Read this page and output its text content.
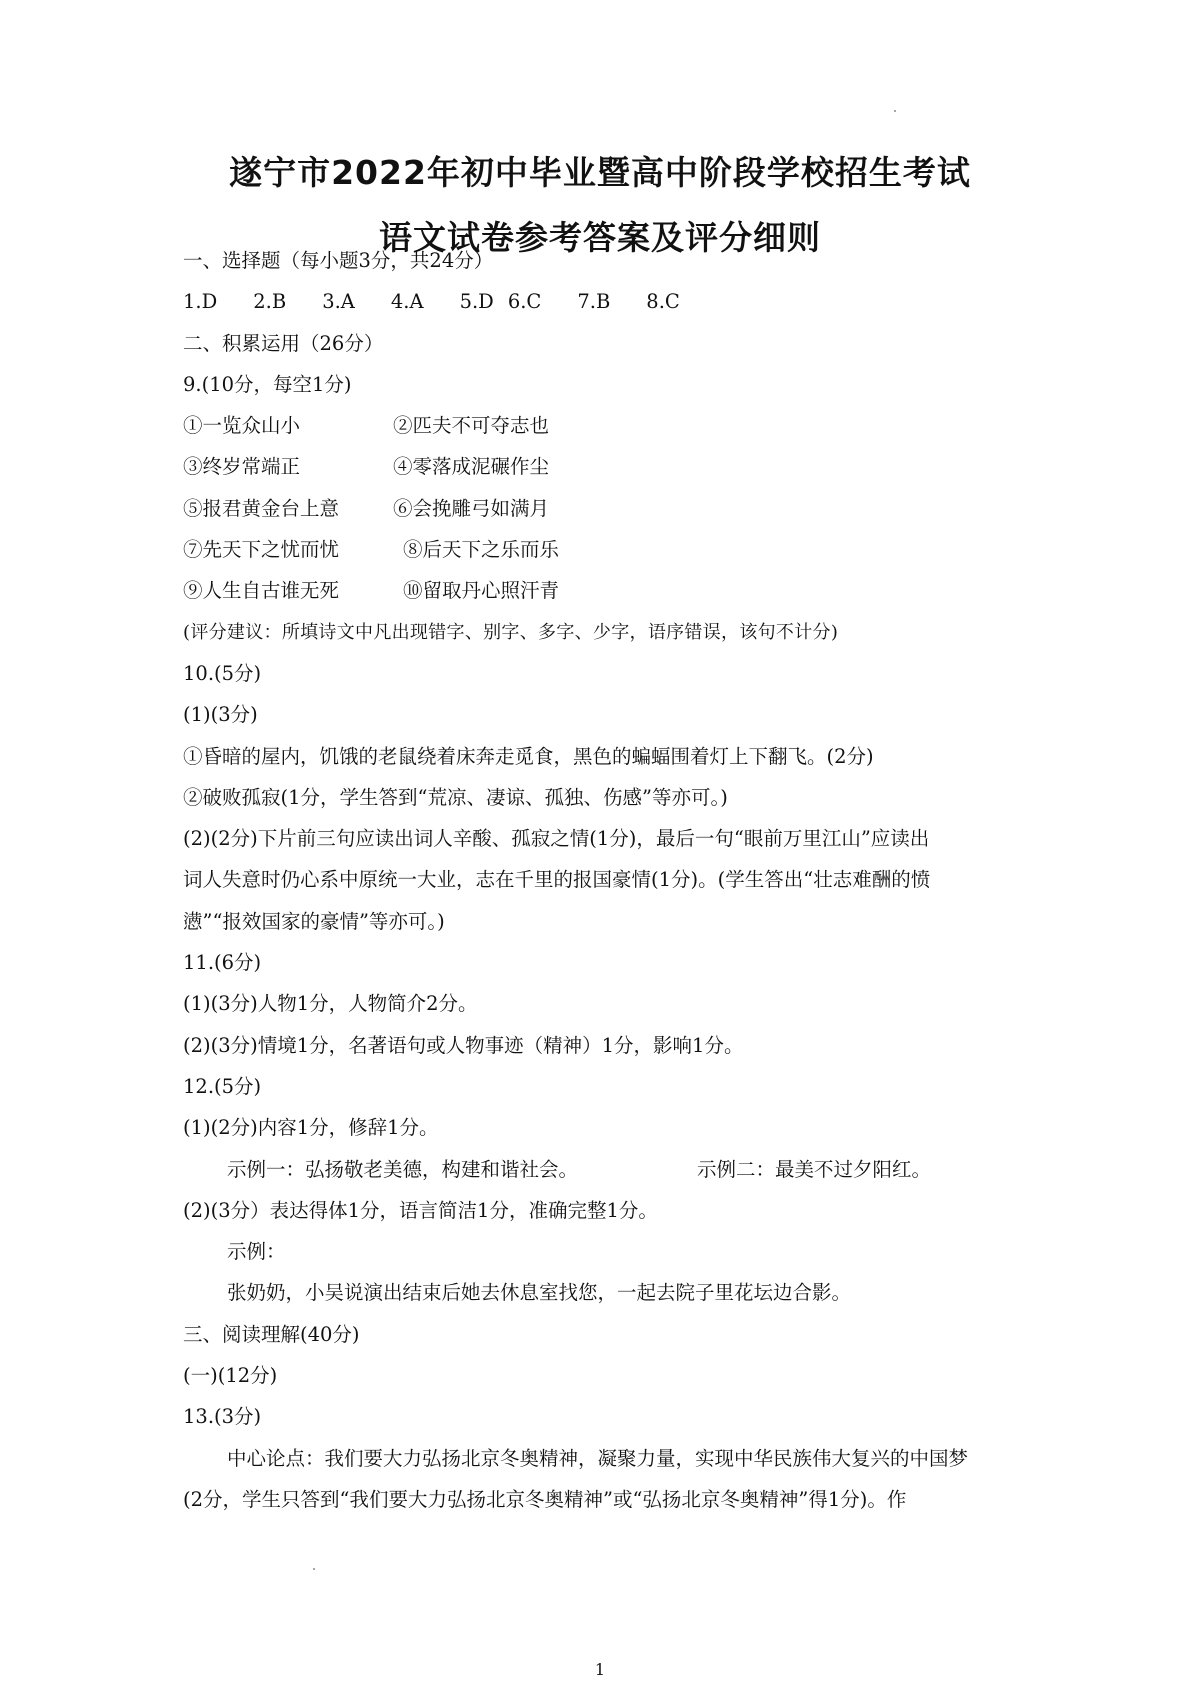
遂宁市2022年初中毕业暨高中阶段学校招生考试
语文试卷参考答案及评分细则

一、选择题（每小题3分，共24分）

1.D 2.B 3.A 4.A 5.D 6.C 7.B 8.C

二、积累运用（26分）

9.(10分，每空1分)

①一览众山小	②匹夫不可夺志也

③终岁常端正	④零落成泥碾作尘

⑤报君黄金台上意	⑥会挽雕弓如满月

⑦先天下之忧而忧	⑧后天下之乐而乐

⑨人生自古谁无死	⑩留取丹心照汗青

(评分建议：所填诗文中凡出现错字、别字、多字、少字，语序错误，该句不计分)

10.(5分)

(1)(3分)

①昏暗的屋内，饥饿的老鼠绕着床奔走觅食，黑色的蝙蝠围着灯上下翻飞。(2分)

②破败孤寂(1分，学生答到“荒凉、凄谅、孤独、伤感”等亦可。)

(2)(2分)下片前三句应读出词人辛酸、孤寂之情(1分)，最后一句“眼前万里江山”应读出

词人失意时仍心系中原统一大业，志在千里的报国豪情(1分)。(学生答出“壮志难酬的愤

懑”“报效国家的豪情”等亦可。)

11.(6分)

(1)(3分)人物1分，人物简介2分。

(2)(3分)情境1分，名著语句或人物事迹（精神）1分，影响1分。

12.(5分)

(1)(2分)内容1分，修辞1分。

示例一：弘扬敬老美德，构建和谐社会。	示例二：最美不过夕阳红。

(2)(3分）表达得体1分，语言简洁1分，准确完整1分。

示例：

张奶奶，小吴说演出结束后她去休息室找您，一起去院子里花坛边合影。

三、阅读理解(40分)

(一)(12分)

13.(3分)

中心论点：我们要大力弘扬北京冬奥精神，凝聚力量，实现中华民族伟大复兴的中国梦

(2分，学生只答到“我们要大力弘扬北京冬奥精神”或“弘扬北京冬奥精神”得1分)。作

1
